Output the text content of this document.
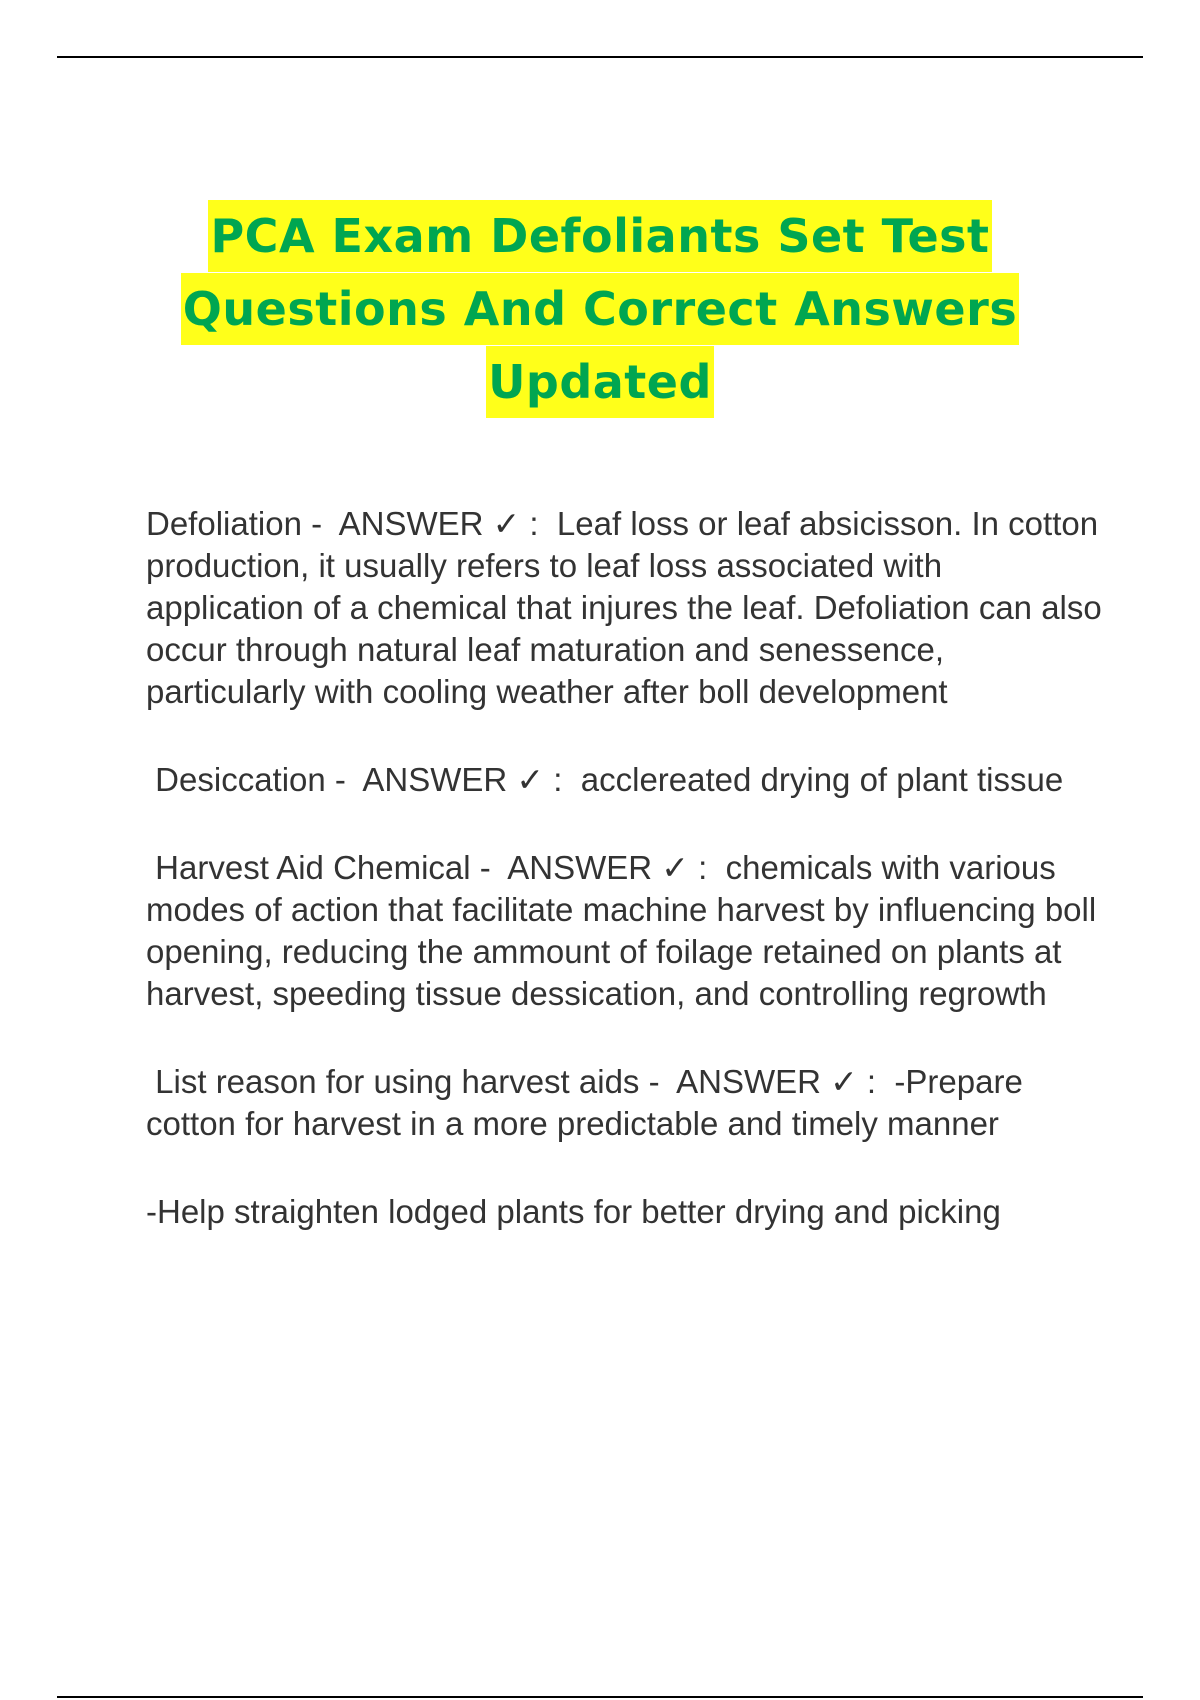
PCA Exam Defoliants Set Test
Questions And Correct Answers
Updated

Defoliation -  ANSWER ✓ :  Leaf loss or leaf absicisson. In cotton production, it usually refers to leaf loss associated with application of a chemical that injures the leaf. Defoliation can also occur through natural leaf maturation and senessence, particularly with cooling weather after boll development

Desiccation -  ANSWER ✓ :  acclereated drying of plant tissue

Harvest Aid Chemical -  ANSWER ✓ :  chemicals with various modes of action that facilitate machine harvest by influencing boll opening, reducing the ammount of foilage retained on plants at harvest, speeding tissue dessication, and controlling regrowth

List reason for using harvest aids -  ANSWER ✓ :  -Prepare cotton for harvest in a more predictable and timely manner

-Help straighten lodged plants for better drying and picking
